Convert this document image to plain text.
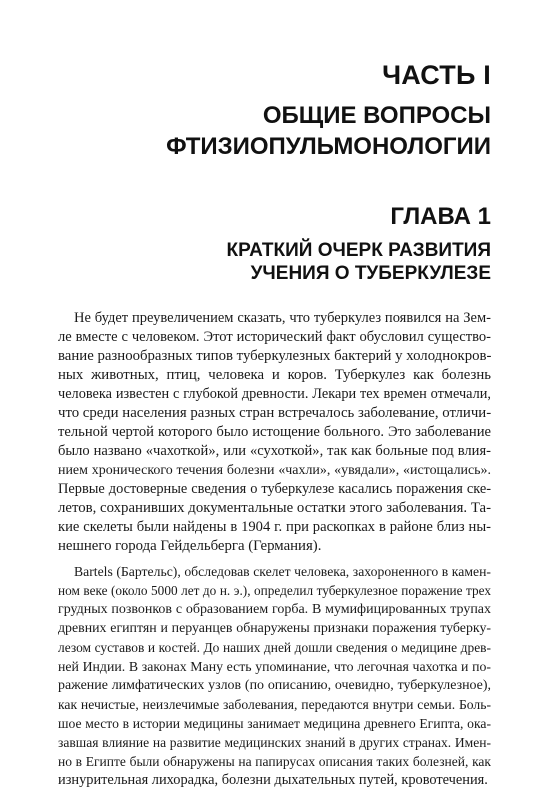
ЧАСТЬ I
ОБЩИЕ ВОПРОСЫ
ФТИЗИОПУЛЬМОНОЛОГИИ
ГЛАВА 1
КРАТКИЙ ОЧЕРК РАЗВИТИЯ
УЧЕНИЯ О ТУБЕРКУЛЕЗЕ

Не будет преувеличением сказать, что туберкулез появился на Зем-
ле вместе с человеком. Этот исторический факт обусловил существо-
вание разнообразных типов туберкулезных бактерий у холоднокров-
ных животных, птиц, человека и коров. Туберкулез как болезнь
человека известен с глубокой древности. Лекари тех времен отмечали,
что среди населения разных стран встречалось заболевание, отличи-
тельной чертой которого было истощение больного. Это заболевание
было названо «чахоткой», или «сухоткой», так как больные под влия-
нием хронического течения болезни «чахли», «увядали», «истощались».
Первые достоверные сведения о туберкулезе касались поражения ске-
летов, сохранивших документальные остатки этого заболевания. Та-
кие скелеты были найдены в 1904 г. при раскопках в районе близ ны-
нешнего города Гейдельберга (Германия).

Bartels (Бартельс), обследовав скелет человека, захороненного в камен-
ном веке (около 5000 лет до н. э.), определил туберкулезное поражение трех
грудных позвонков с образованием горба. В мумифицированных трупах
древних египтян и перуанцев обнаружены признаки поражения туберку-
лезом суставов и костей. До наших дней дошли сведения о медицине древ-
ней Индии. В законах Ману есть упоминание, что легочная чахотка и по-
ражение лимфатических узлов (по описанию, очевидно, туберкулезное),
как нечистые, неизлечимые заболевания, передаются внутри семьи. Боль-
шое место в истории медицины занимает медицина древнего Египта, ока-
завшая влияние на развитие медицинских знаний в других странах. Имен-
но в Египте были обнаружены на папирусах описания таких болезней, как
изнурительная лихорадка, болезни дыхательных путей, кровотечения.
